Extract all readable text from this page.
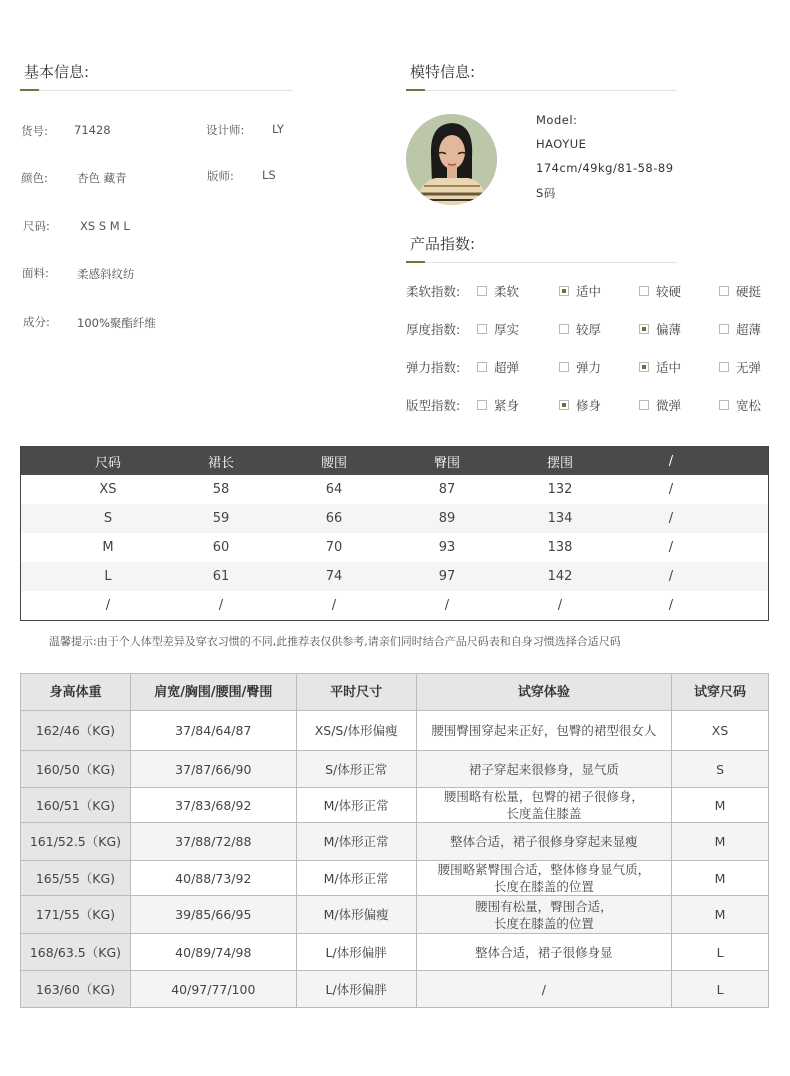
基本信息:
货号: 71428	设计师: LY
颜色:	杏色 藏青	版师: LS
尺码:	XS S M L
面料: 柔感斜纹纺
成分: 100%聚酯纤维
模特信息:
Model:
HAOYUE
174cm/49kg/81-58-89
S码
产品指数:
柔软指数:	柔软	适中	较硬	硬挺
厚度指数:	厚实	较厚	偏薄	超薄
弹力指数:	超弹	弹力	适中	无弹
版型指数:	紧身	修身	微弹	宽松
尺码	裙长	腰围	臀围	摆围	/
XS	58	64	87	132	/
S	59	66	89	134	/
M	60	70	93	138	/
L	61	74	97	142	/
/	/	/	/	/	/
温馨提示:由于个人体型差异及穿衣习惯的不同,此推荐表仅供参考,请亲们同时结合产品尺码表和自身习惯选择合适尺码
身高体重	肩宽/胸围/腰围/臀围	平时尺寸	试穿体验	试穿尺码
162/46（KG)	37/84/64/87	XS/S/体形偏瘦	腰围臀围穿起来正好，包臀的裙型很女人	XS
160/50（KG)	37/87/66/90	S/体形正常	裙子穿起来很修身，显气质	S
160/51（KG)	37/83/68/92	M/体形正常	腰围略有松量，包臀的裙子很修身，
长度盖住膝盖	M
161/52.5（KG)	37/88/72/88	M/体形正常	整体合适，裙子很修身穿起来显瘦	M
165/55（KG)	40/88/73/92	M/体形正常	腰围略紧臀围合适，整体修身显气质，
长度在膝盖的位置	M
171/55（KG)	39/85/66/95	M/体形偏瘦	腰围有松量，臀围合适，
长度在膝盖的位置	M
168/63.5（KG)	40/89/74/98	L/体形偏胖	整体合适，裙子很修身显	L
163/60（KG)	40/97/77/100	L/体形偏胖	/	L
